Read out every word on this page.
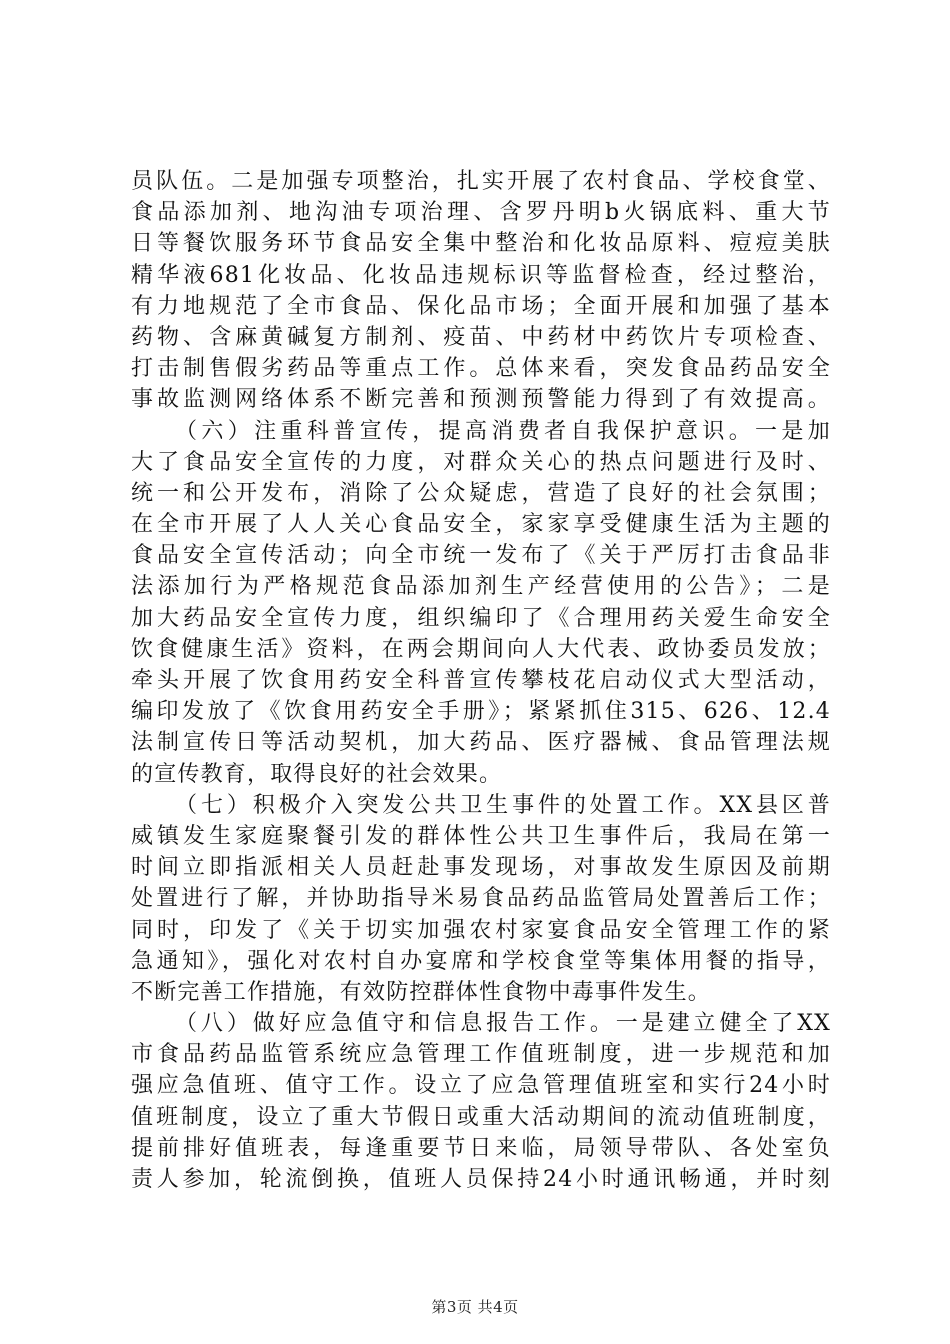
员队伍。二是加强专项整治，扎实开展了农村食品、学校食堂、
食品添加剂、地沟油专项治理、含罗丹明b火锅底料、重大节
日等餐饮服务环节食品安全集中整治和化妆品原料、痘痘美肤
精华液681化妆品、化妆品违规标识等监督检查，经过整治，
有力地规范了全市食品、保化品市场；全面开展和加强了基本
药物、含麻黄碱复方制剂、疫苗、中药材中药饮片专项检查、
打击制售假劣药品等重点工作。总体来看，突发食品药品安全
事故监测网络体系不断完善和预测预警能力得到了有效提高。
（六）注重科普宣传，提高消费者自我保护意识。一是加
大了食品安全宣传的力度，对群众关心的热点问题进行及时、
统一和公开发布，消除了公众疑虑，营造了良好的社会氛围；
在全市开展了人人关心食品安全，家家享受健康生活为主题的
食品安全宣传活动；向全市统一发布了《关于严厉打击食品非
法添加行为严格规范食品添加剂生产经营使用的公告》；二是
加大药品安全宣传力度，组织编印了《合理用药关爱生命安全
饮食健康生活》资料，在两会期间向人大代表、政协委员发放；
牵头开展了饮食用药安全科普宣传攀枝花启动仪式大型活动，
编印发放了《饮食用药安全手册》；紧紧抓住315、626、12.4
法制宣传日等活动契机，加大药品、医疗器械、食品管理法规
的宣传教育，取得良好的社会效果。
（七）积极介入突发公共卫生事件的处置工作。XX县区普
威镇发生家庭聚餐引发的群体性公共卫生事件后，我局在第一
时间立即指派相关人员赶赴事发现场，对事故发生原因及前期
处置进行了解，并协助指导米易食品药品监管局处置善后工作；
同时，印发了《关于切实加强农村家宴食品安全管理工作的紧
急通知》，强化对农村自办宴席和学校食堂等集体用餐的指导，
不断完善工作措施，有效防控群体性食物中毒事件发生。
（八）做好应急值守和信息报告工作。一是建立健全了XX
市食品药品监管系统应急管理工作值班制度，进一步规范和加
强应急值班、值守工作。设立了应急管理值班室和实行24小时
值班制度，设立了重大节假日或重大活动期间的流动值班制度，
提前排好值班表，每逢重要节日来临，局领导带队、各处室负
责人参加，轮流倒换，值班人员保持24小时通讯畅通，并时刻
第3页 共4页
